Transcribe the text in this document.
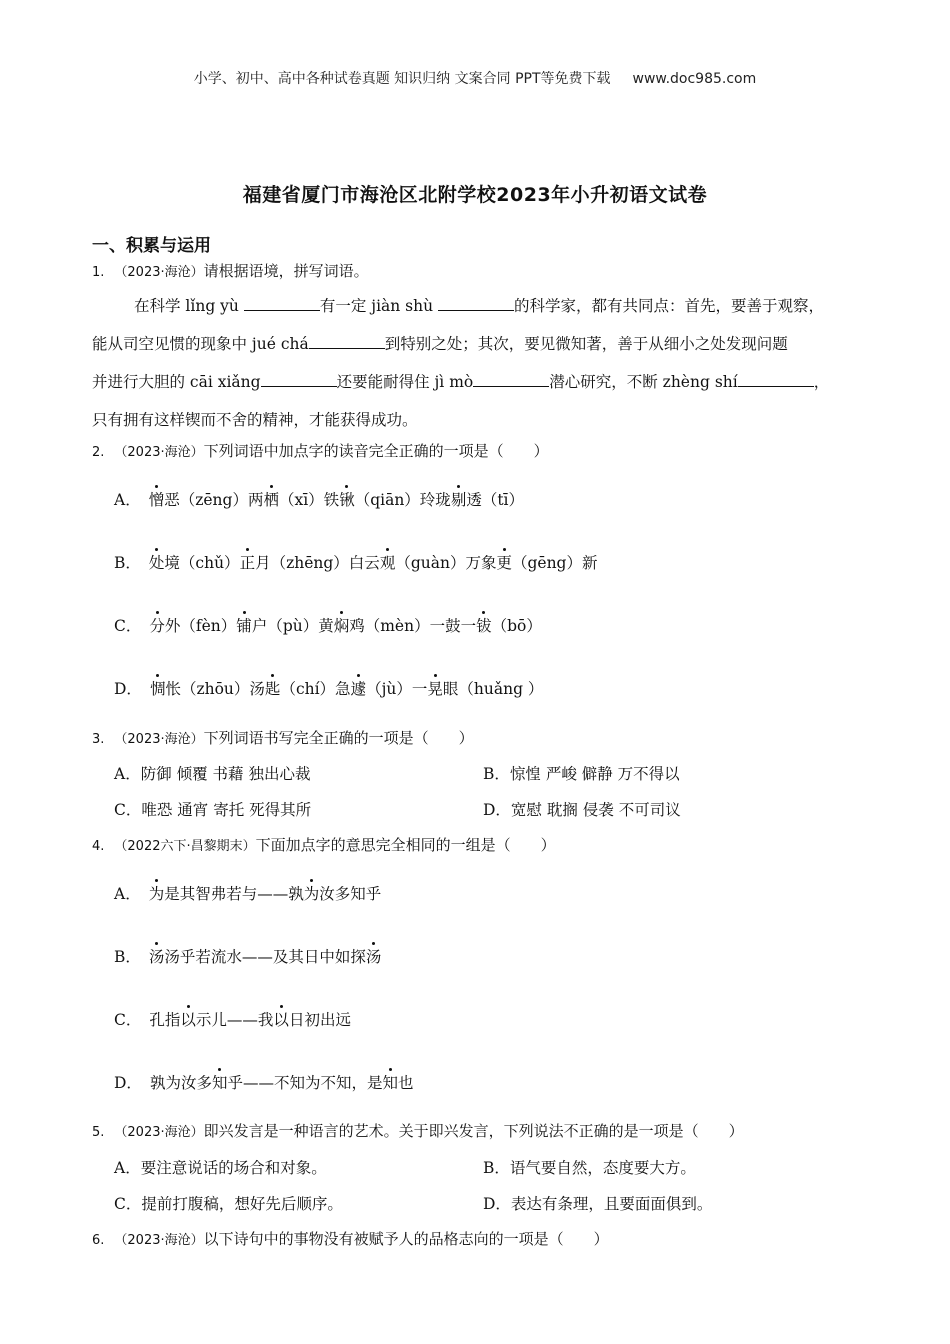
小学、初中、高中各种试卷真题 知识归纳 文案合同 PPT等免费下载 www.doc985.com
福建省厦门市海沧区北附学校2023年小升初语文试卷
一、积累与运用
1. （2023·海沧）请根据语境，拼写词语。
在科学 lǐng yù	有一定 jiàn shù	的科学家，都有共同点：首先，要善于观察，
能从司空见惯的现象中 jué chá	到特别之处；其次，要见微知著，善于从细小之处发现问题
并进行大胆的 cāi xiǎng	还要能耐得住 jì mò	潜心研究，不断 zhèng shí	，
只有拥有这样锲而不舍的精神，才能获得成功。
2. （2023·海沧）下列词语中加点字的读音完全正确的一项是（　　）
A． 憎恶（zēng）两栖（xī）铁锹（qiān）玲珑剔透（tī）
B． 处境（chǔ）正月（zhēng）白云观（guàn）万象更（gēng）新
C． 分外（fèn）铺户（pù）黄焖鸡（mèn）一鼓一钹（bō）
D． 惆怅（zhōu）汤匙（chí）急遽（jù）一晃眼（huǎng ）
3. （2023·海沧）下列词语书写完全正确的一项是（　　）
A．防御 倾覆 书藉 独出心裁	B．惊惶 严峻 僻静 万不得以
C．唯恐 通宵 寄托 死得其所	D．宽慰 耽搁 侵袭 不可司议
4. （2022六下·昌黎期末）下面加点字的意思完全相同的一组是（　　）
A． 为是其智弗若与——孰为汝多知乎
B． 汤汤乎若流水——及其日中如探汤
C． 孔指以示儿——我以日初出远
D． 孰为汝多知乎——不知为不知，是知也
5. （2023·海沧）即兴发言是一种语言的艺术。关于即兴发言，下列说法不正确的是一项是（　　）
A．要注意说话的场合和对象。	B．语气要自然，态度要大方。
C．提前打腹稿，想好先后顺序。	D．表达有条理，且要面面俱到。
6. （2023·海沧）以下诗句中的事物没有被赋予人的品格志向的一项是（　　）
